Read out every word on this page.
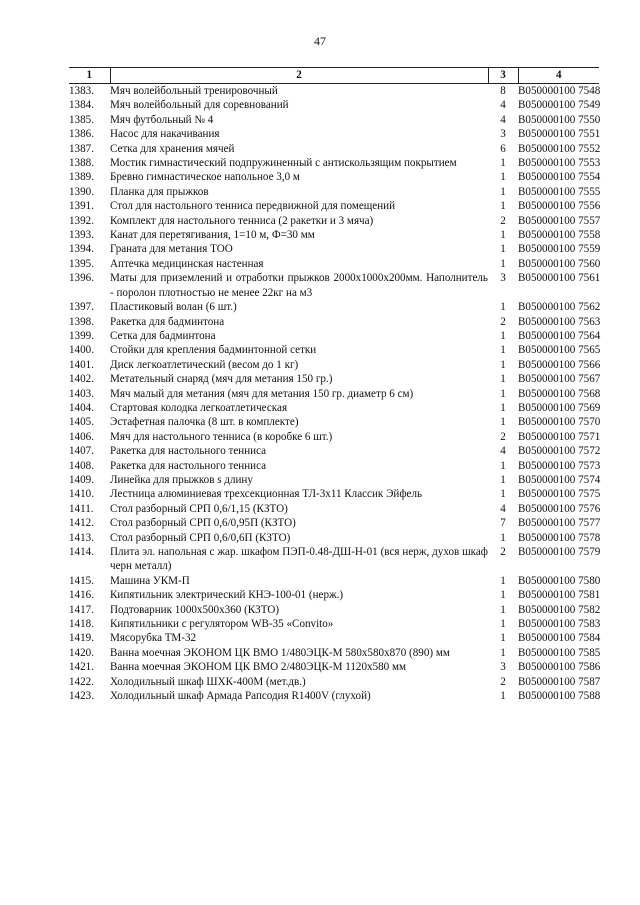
47
1	2	3	4
1383.	Мяч волейбольный тренировочный	8	B050000100 7548
1384.	Мяч волейбольный для соревнований	4	B050000100 7549
1385.	Мяч футбольный № 4	4	B050000100 7550
1386.	Насос для накачивания	3	B050000100 7551
1387.	Сетка для хранения мячей	6	B050000100 7552
1388.	Мостик гимнастический подпружиненный с антискользящим покрытием	1	B050000100 7553
1389.	Бревно гимнастическое напольное 3,0 м	1	B050000100 7554
1390.	Планка для прыжков	1	B050000100 7555
1391.	Стол для настольного тенниса передвижной для помещений	1	B050000100 7556
1392.	Комплект для настольного тенниса (2 ракетки и 3 мяча)	2	B050000100 7557
1393.	Канат для перетягивания, 1=10 м, Ф=30 мм	1	B050000100 7558
1394.	Граната для метания ТОО	1	B050000100 7559
1395.	Аптечка медицинская настенная	1	B050000100 7560
1396.	Маты для приземлений и отработки прыжков 2000х1000х200мм. Наполнитель - поролон плотностью не менее 22кг на м3	3	B050000100 7561
1397.	Пластиковый волан (6 шт.)	1	B050000100 7562
1398.	Ракетка для бадминтона	2	B050000100 7563
1399.	Сетка для бадминтона	1	B050000100 7564
1400.	Стойки для крепления бадминтонной сетки	1	B050000100 7565
1401.	Диск легкоатлетический (весом до 1 кг)	1	B050000100 7566
1402.	Метательный снаряд (мяч для метания 150 гр.)	1	B050000100 7567
1403.	Мяч малый для метания (мяч для метания 150 гр. диаметр 6 см)	1	B050000100 7568
1404.	Стартовая колодка легкоатлетическая	1	B050000100 7569
1405.	Эстафетная палочка (8 шт. в комплекте)	1	B050000100 7570
1406.	Мяч для настольного тенниса (в коробке 6 шт.)	2	B050000100 7571
1407.	Ракетка для настольного тенниса	4	B050000100 7572
1408.	Ракетка для настольного тенниса	1	B050000100 7573
1409.	Линейка для прыжков s длину	1	B050000100 7574
1410.	Лестница алюминиевая трехсекционная ТЛ-3х11 Классик Эйфель	1	B050000100 7575
1411.	Стол разборный СРП 0,6/1,15 (КЗТО)	4	B050000100 7576
1412.	Стол разборный СРП 0,6/0,95П (КЗТО)	7	B050000100 7577
1413.	Стол разборный СРП 0,6/0,6П (КЗТО)	1	B050000100 7578
1414.	Плита эл. напольная с жар. шкафом ПЭП-0.48-ДШ-Н-01 (вся нерж, духов шкаф черн металл)	2	B050000100 7579
1415.	Машина УКМ-П	1	B050000100 7580
1416.	Кипятильник электрический КНЭ-100-01 (нерж.)	1	B050000100 7581
1417.	Подтоварник 1000х500х360 (КЗТО)	1	B050000100 7582
1418.	Кипятильники с регулятором WB-35 «Convito»	1	B050000100 7583
1419.	Мясорубка ТМ-32	1	B050000100 7584
1420.	Ванна моечная ЭКОНОМ ЦК ВМО 1/480ЭЦК-М 580х580х870 (890) мм	1	B050000100 7585
1421.	Ванна моечная ЭКОНОМ ЦК ВМО 2/480ЭЦК-М 1120х580 мм	3	B050000100 7586
1422.	Холодильный шкаф ШХК-400М (мет.дв.)	2	B050000100 7587
1423.	Холодильный шкаф Армада Рапсодия R1400V (глухой)	1	B050000100 7588
